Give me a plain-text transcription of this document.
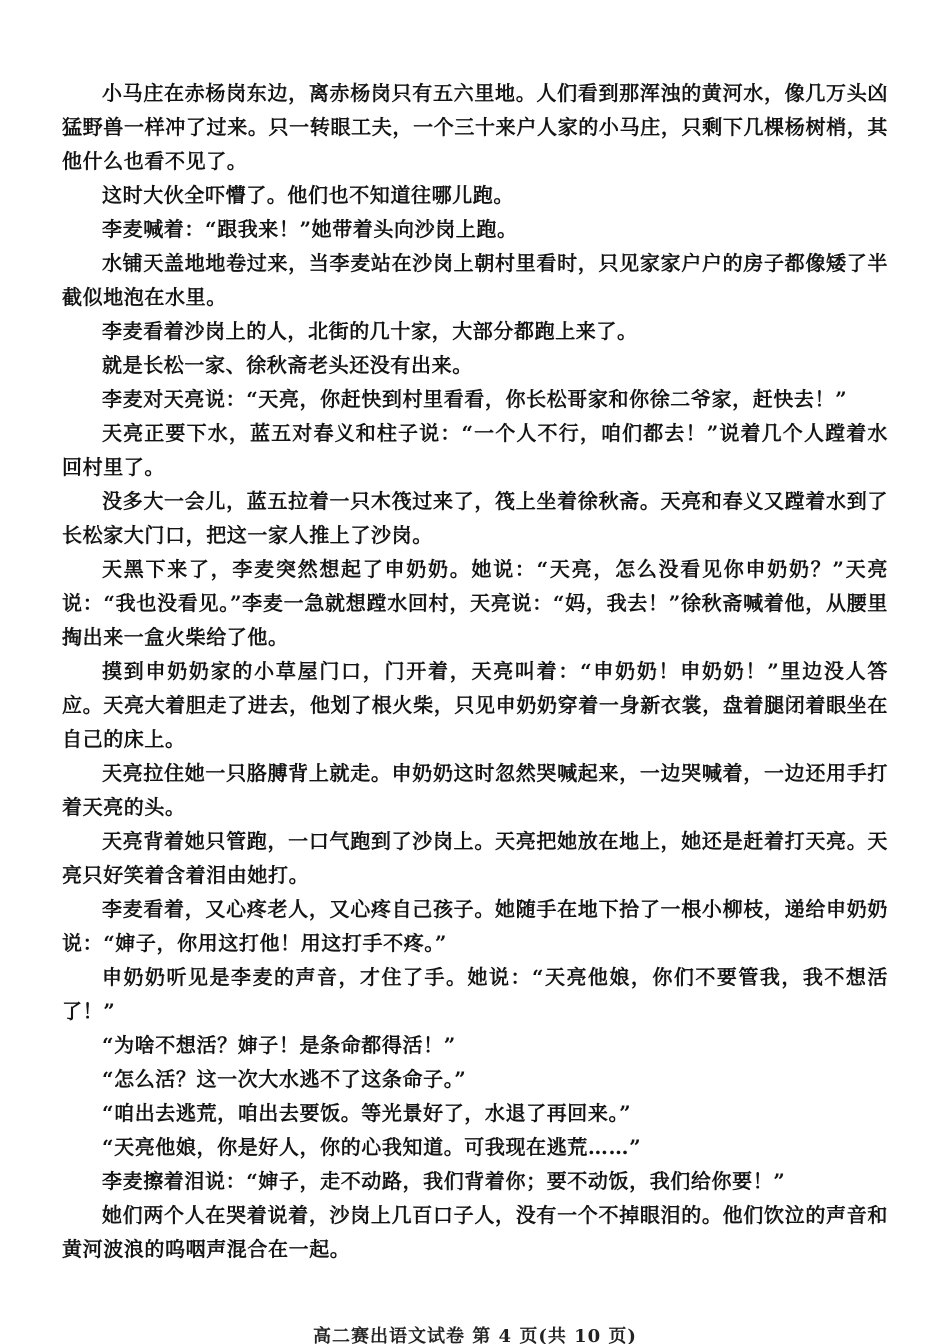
小马庄在赤杨岗东边，离赤杨岗只有五六里地。人们看到那浑浊的黄河水，像几万头凶猛野兽一样冲了过来。只一转眼工夫，一个三十来户人家的小马庄，只剩下几棵杨树梢，其他什么也看不见了。

这时大伙全吓懵了。他们也不知道往哪儿跑。

李麦喊着：“跟我来！”她带着头向沙岗上跑。

水铺天盖地地卷过来，当李麦站在沙岗上朝村里看时，只见家家户户的房子都像矮了半截似地泡在水里。

李麦看着沙岗上的人，北街的几十家，大部分都跑上来了。

就是长松一家、徐秋斋老头还没有出来。

李麦对天亮说：“天亮，你赶快到村里看看，你长松哥家和你徐二爷家，赶快去！”

天亮正要下水，蓝五对春义和柱子说：“一个人不行，咱们都去！”说着几个人蹚着水回村里了。

没多大一会儿，蓝五拉着一只木筏过来了，筏上坐着徐秋斋。天亮和春义又蹚着水到了长松家大门口，把这一家人推上了沙岗。

天黑下来了，李麦突然想起了申奶奶。她说：“天亮，怎么没看见你申奶奶？”天亮说：“我也没看见。”李麦一急就想蹚水回村，天亮说：“妈，我去！”徐秋斋喊着他，从腰里掏出来一盒火柴给了他。

摸到申奶奶家的小草屋门口，门开着，天亮叫着：“申奶奶！申奶奶！”里边没人答应。天亮大着胆走了进去，他划了根火柴，只见申奶奶穿着一身新衣裳，盘着腿闭着眼坐在自己的床上。

天亮拉住她一只胳膊背上就走。申奶奶这时忽然哭喊起来，一边哭喊着，一边还用手打着天亮的头。

天亮背着她只管跑，一口气跑到了沙岗上。天亮把她放在地上，她还是赶着打天亮。天亮只好笑着含着泪由她打。

李麦看着，又心疼老人，又心疼自己孩子。她随手在地下拾了一根小柳枝，递给申奶奶说：“婶子，你用这打他！用这打手不疼。”

申奶奶听见是李麦的声音，才住了手。她说：“天亮他娘，你们不要管我，我不想活了！”

“为啥不想活？婶子！是条命都得活！”

“怎么活？这一次大水逃不了这条命子。”

“咱出去逃荒，咱出去要饭。等光景好了，水退了再回来。”

“天亮他娘，你是好人，你的心我知道。可我现在逃荒……”

李麦擦着泪说：“婶子，走不动路，我们背着你；要不动饭，我们给你要！”

她们两个人在哭着说着，沙岗上几百口子人，没有一个不掉眼泪的。他们饮泣的声音和黄河波浪的呜咽声混合在一起。

高二赛出语文试卷 第 4 页(共 10 页)
